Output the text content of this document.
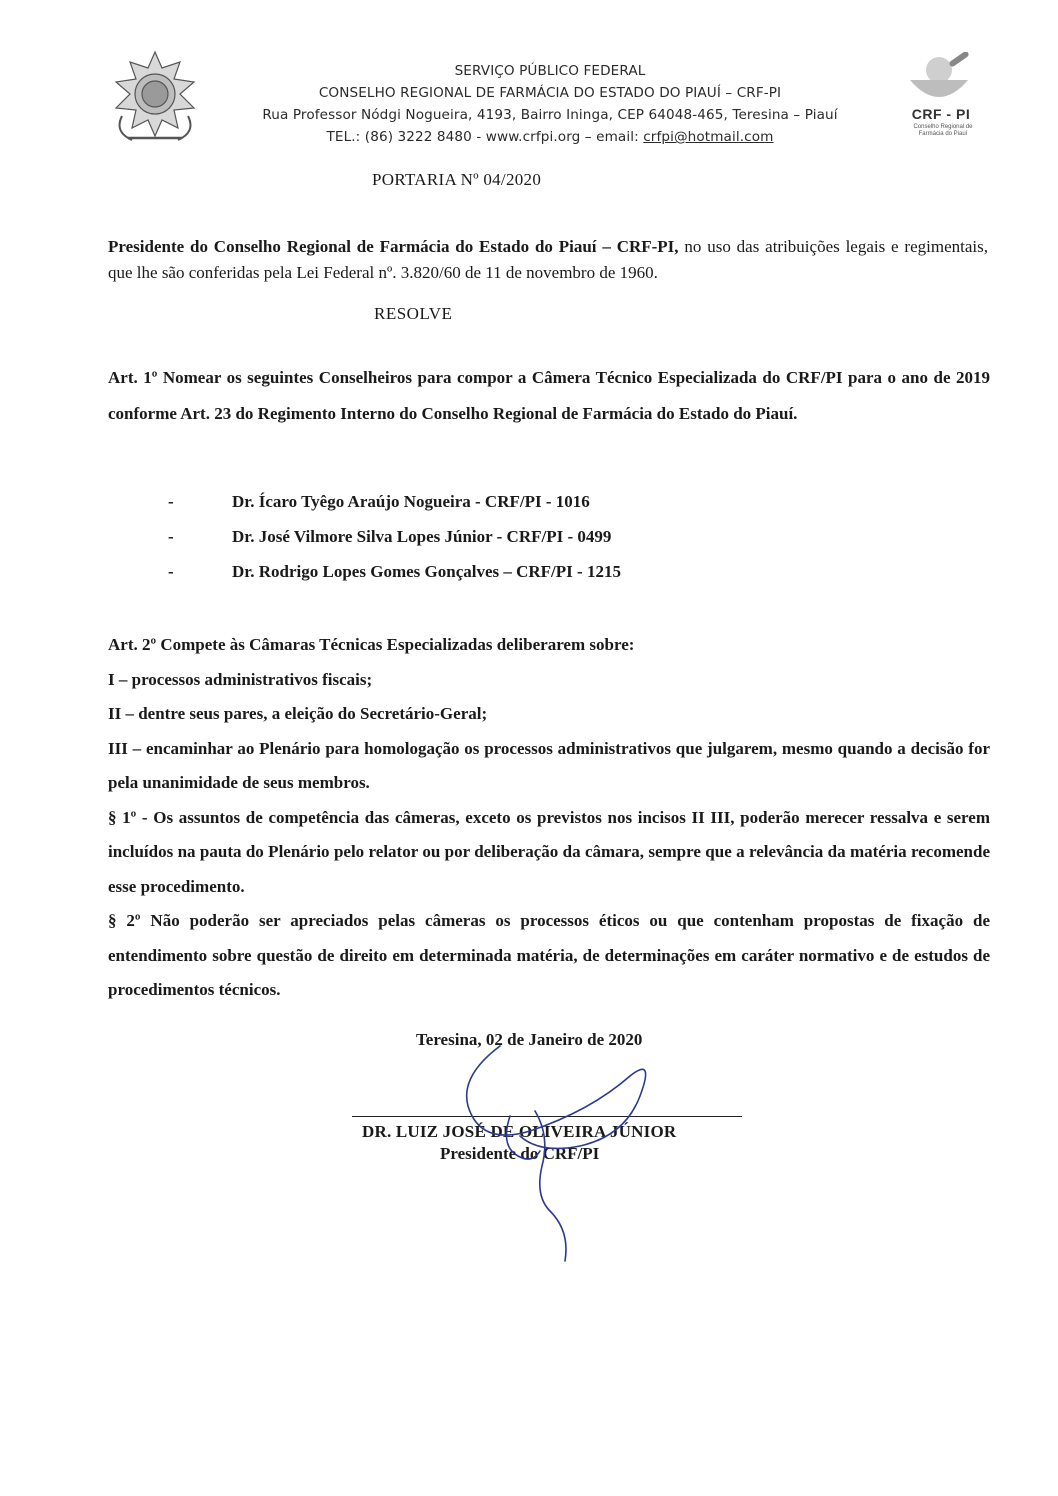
SERVIÇO PÚBLICO FEDERAL
CONSELHO REGIONAL DE FARMÁCIA DO ESTADO DO PIAUÍ – CRF-PI
Rua Professor Nódgi Nogueira, 4193, Bairro Ininga, CEP 64048-465, Teresina – Piauí
TEL.: (86) 3222 8480 - www.crfpi.org – email: crfpi@hotmail.com
CRF - PI
Conselho Regional de Farmácia do Piauí
PORTARIA Nº 04/2020
Presidente do Conselho Regional de Farmácia do Estado do Piauí – CRF-PI, no uso das atribuições legais e regimentais, que lhe são conferidas pela Lei Federal nº. 3.820/60 de 11 de novembro de 1960.
RESOLVE
Art. 1º Nomear os seguintes Conselheiros para compor a Câmera Técnico Especializada do CRF/PI para o ano de 2019 conforme Art. 23 do Regimento Interno do Conselho Regional de Farmácia do Estado do Piauí.
-	Dr. Ícaro Tyêgo Araújo Nogueira - CRF/PI - 1016
-	Dr. José Vilmore Silva Lopes Júnior - CRF/PI - 0499
-	Dr. Rodrigo Lopes Gomes Gonçalves – CRF/PI - 1215

Art. 2º Compete às Câmaras Técnicas Especializadas deliberarem sobre:

I – processos administrativos fiscais;

II – dentre seus pares, a eleição do Secretário-Geral;

III – encaminhar ao Plenário para homologação os processos administrativos que julgarem, mesmo quando a decisão for pela unanimidade de seus membros.

§ 1º - Os assuntos de competência das câmeras, exceto os previstos nos incisos II III, poderão merecer ressalva e serem incluídos na pauta do Plenário pelo relator ou por deliberação da câmara, sempre que a relevância da matéria recomende esse procedimento.

§ 2º Não poderão ser apreciados pelas câmeras os processos éticos ou que contenham propostas de fixação de entendimento sobre questão de direito em determinada matéria, de determinações em caráter normativo e de estudos de procedimentos técnicos.

Teresina, 02 de Janeiro de 2020
DR. LUIZ JOSÉ DE OLIVEIRA JÚNIOR
Presidente do CRF/PI
